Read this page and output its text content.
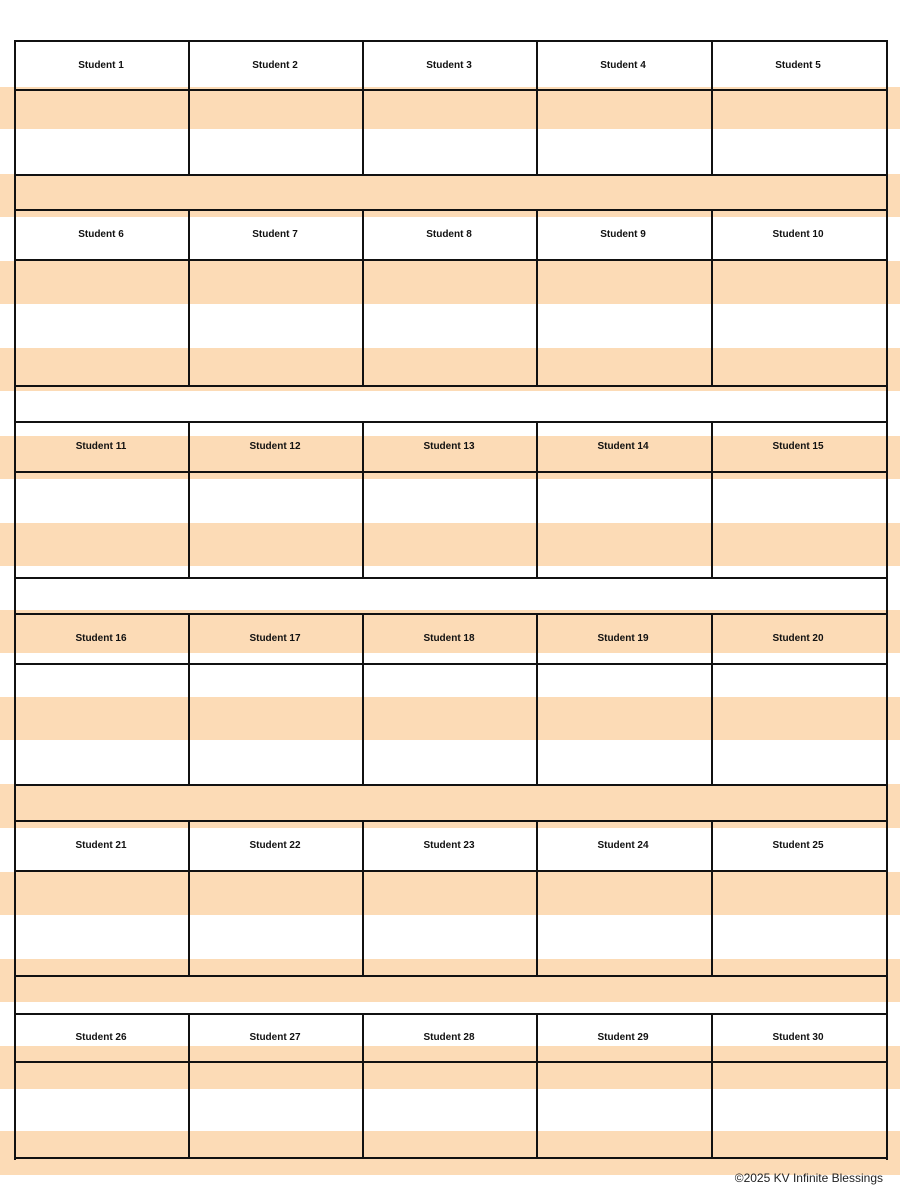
Student 1	Student 2	Student 3	Student 4	Student 5
Student 6	Student 7	Student 8	Student 9	Student 10
Student 11	Student 12	Student 13	Student 14	Student 15
Student 16	Student 17	Student 18	Student 19	Student 20
Student 21	Student 22	Student 23	Student 24	Student 25
Student 26	Student 27	Student 28	Student 29	Student 30
©2025 KV Infinite Blessings
